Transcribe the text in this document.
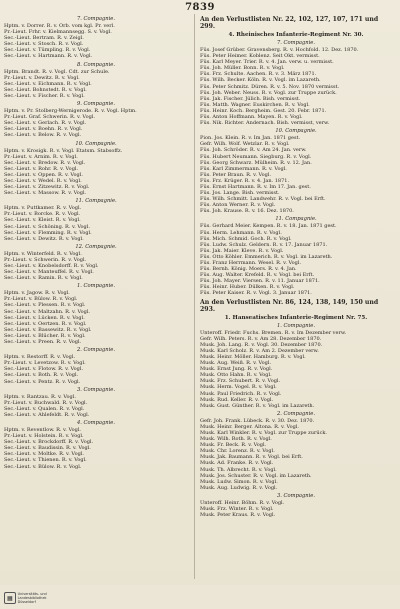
7839
7. Compagnie.
Hptm. v. Dorrer. R. v. Orb. vom kgl. Pr. verl.
Pr.-Lieut. Frhr. v. Kielmannsegg. S. v. Vogl.
Sec.-Lieut. Bertram. R. v. Zeigl.
Sec.-Lieut. v. Stosch. R. v. Vogl.
Sec.-Lieut. v. Tümpling. R. v. Vogl.
Sec.-Lieut. v. Hartmann. R. v. Vogl.
8. Compagnie.
Hptm. Brandt. R. v. Vogl. Cdt. zur Schule.
Pr.-Lieut. v. Dewitz. R. v. Vogl.
Sec.-Lieut. v. Eichmann. R. v. Vogl.
Sec.-Lieut. Bohnstedt. R. v. Vogl.
Sec.-Lieut. v. Fischer. R. v. Vogl.
9. Compagnie.
Hptm. v. Pr. Stolberg-Wernigerode. R. v. Vogl. Hptm.
Pr.-Lieut. Graf. Schwerin. R. v. Vogl.
Sec.-Lieut. v. Gerlach. R. v. Vogl.
Sec.-Lieut. v. Boehn. R. v. Vogl.
Sec.-Lieut. v. Below. R. v. Vogl.
10. Compagnie.
Hptm. v. Krosigk. R. v. Vogl. Etatsm. Stabsoffz.
Pr.-Lieut. v. Arnim. R. v. Vogl.
Sec.-Lieut. v. Bredow. R. v. Vogl.
Sec.-Lieut. v. Rohr. R. v. Vogl.
Sec.-Lieut. v. Oppen. R. v. Vogl.
Sec.-Lieut. v. Wedel. R. v. Vogl.
Sec.-Lieut. v. Zitzewitz. R. v. Vogl.
Sec.-Lieut. v. Massow. R. v. Vogl.
11. Compagnie.
Hptm. v. Puttkamer. R. v. Vogl.
Pr.-Lieut. v. Borcke. R. v. Vogl.
Sec.-Lieut. v. Kleist. R. v. Vogl.
Sec.-Lieut. v. Schöning. R. v. Vogl.
Sec.-Lieut. v. Flemming. R. v. Vogl.
Sec.-Lieut. v. Dewitz. R. v. Vogl.
12. Compagnie.
Hptm. v. Winterfeld. R. v. Vogl.
Pr.-Lieut. v. Schwerin. R. v. Vogl.
Sec.-Lieut. v. Knobelsdorff. R. v. Vogl.
Sec.-Lieut. v. Manteuffel. R. v. Vogl.
Sec.-Lieut. v. Ramin. R. v. Vogl.
1. Compagnie.
Hptm. v. Jagow. R. v. Vogl.
Pr.-Lieut. v. Bülow. R. v. Vogl.
Sec.-Lieut. v. Plessen. R. v. Vogl.
Sec.-Lieut. v. Maltzahn. R. v. Vogl.
Sec.-Lieut. v. Lücken. R. v. Vogl.
Sec.-Lieut. v. Oertzen. R. v. Vogl.
Sec.-Lieut. v. Bassewitz. R. v. Vogl.
Sec.-Lieut. v. Blücher. R. v. Vogl.
Sec.-Lieut. v. Preen. R. v. Vogl.
2. Compagnie.
Hptm. v. Restorff. R. v. Vogl.
Pr.-Lieut. v. Levetzow. R. v. Vogl.
Sec.-Lieut. v. Flotow. R. v. Vogl.
Sec.-Lieut. v. Both. R. v. Vogl.
Sec.-Lieut. v. Pentz. R. v. Vogl.
3. Compagnie.
Hptm. v. Rantzau. R. v. Vogl.
Pr.-Lieut. v. Buchwald. R. v. Vogl.
Sec.-Lieut. v. Qualen. R. v. Vogl.
Sec.-Lieut. v. Ahlefeldt. R. v. Vogl.
4. Compagnie.
Hptm. v. Reventlow. R. v. Vogl.
Pr.-Lieut. v. Holstein. R. v. Vogl.
Sec.-Lieut. v. Brockdorff. R. v. Vogl.
Sec.-Lieut. v. Baudissin. R. v. Vogl.
Sec.-Lieut. v. Moltke. R. v. Vogl.
Sec.-Lieut. v. Thienen. R. v. Vogl.
Sec.-Lieut. v. Bülow. R. v. Vogl.
An den Verlustlisten Nr. 22, 102, 127, 107, 171 und 299.
4. Rheinisches Infanterie-Regiment Nr. 30.
7. Compagnie.
Füs. Josef Grüber. Gravensberg. R. v. Hochfold. 12. Dez. 1870.
Füs. Peter Heimer. Koblenz. Seit Okt. vermisst.
Füs. Karl Meyer. Trier. R. v. 4. Jan. verw. u. vermisst.
Füs. Joh. Müller. Bonn. R. v. Vogl.
Füs. Frz. Schulte. Aachen. R. v. 3. März 1871.
Füs. Wilh. Becker. Köln. R. v. Vogl. im Lazareth.
Füs. Peter Schmitz. Düren. R. v. 5. Nov. 1870 vermisst.
Füs. Joh. Weber. Neuss. R. v. Vogl. zur Truppe zurück.
Füs. Jak. Fischer. Jülich. Bish. vermisst.
Füs. Matth. Wagner. Euskirchen. R. v. Vogl.
Füs. Heinr. Koch. Bergheim. Gest. 20. Febr. 1871.
Füs. Anton Hoffmann. Mayen. R. v. Vogl.
Füs. Nik. Richter. Andernach. Bish. vermisst, verw.
10. Compagnie.
Pion. Jos. Klein. R. v. Im Jan. 1871 gest.
Gefr. Wilh. Wolf. Wetzlar. R. v. Vogl.
Füs. Joh. Schröder. R. v. Am 24. Jan. verw.
Füs. Hubert Neumann. Siegburg. R. v. Vogl.
Füs. Georg Schwarz. Mülheim. R. v. 12. Jan.
Füs. Karl Zimmermann. R. v. Vogl.
Füs. Peter Braun. R. v. Vogl.
Füs. Frz. Krüger. R. v. 4. Jan. 1871.
Füs. Ernst Hartmann. R. v. Im 17. Jan. gest.
Füs. Jos. Lange. Bish. vermisst.
Füs. Wilh. Schmitt. Landwehr. R. v. Vogl. bei Erft.
Füs. Anton Werner. R. v. Vogl.
Füs. Joh. Krause. R. v. 16. Dez. 1870.
11. Compagnie.
Füs. Gerhard Meier. Kempen. R. v. 18. Jan. 1871 gest.
Füs. Herm. Lehmann. R. v. Vogl.
Füs. Mich. Schmid. Goch. R. v. Vogl.
Füs. Ludw. Schulz. Geldern. R. v. 17. Januar 1871.
Füs. Jak. Maier. Kleve. R. v. Vogl.
Füs. Otto Köhler. Emmerich. R. v. Vogl. im Lazareth.
Füs. Franz Herrmann. Wesel. R. v. Vogl.
Füs. Bernh. König. Moers. R. v. 4. Jan.
Füs. Aug. Walter. Krefeld. R. v. Vogl. bei Erft.
Füs. Joh. Mayer. Viersen. R. v. 11. Januar 1871.
Füs. Heinr. Huber. Dülken. R. v. Vogl.
Füs. Peter Kaiser. R. v. Vogl. 3. Januar 1871.
An den Verlustlisten Nr. 86, 124, 138, 149, 150 und 293.
1. Hanseatisches Infanterie-Regiment Nr. 75.
1. Compagnie.
Unteroff. Friedr. Fuchs. Bremen. R. v. Im Dezember verw.
Gefr. Wilh. Peters. R. v. Am 28. Dezember 1870.
Musk. Joh. Lang. R. v. Vogl. 30. Dezember 1870.
Musk. Karl Scholz. R. v. Am 2. Dezember verw.
Musk. Heinr. Möller. Hamburg. R. v. Vogl.
Musk. Aug. Weiß. R. v. Vogl.
Musk. Ernst Jung. R. v. Vogl.
Musk. Otto Hahn. R. v. Vogl.
Musk. Frz. Schubert. R. v. Vogl.
Musk. Herm. Vogel. R. v. Vogl.
Musk. Paul Friedrich. R. v. Vogl.
Musk. Rud. Keller. R. v. Vogl.
Musk. Gust. Günther. R. v. Vogl. im Lazareth.
2. Compagnie.
Gefr. Joh. Frank. Lübeck. R. v. 30. Dez. 1870.
Musk. Heinr. Berger. Altona. R. v. Vogl.
Musk. Karl Winkler. R. v. Vogl. zur Truppe zurück.
Musk. Wilh. Roth. R. v. Vogl.
Musk. Fr. Beck. R. v. Vogl.
Musk. Chr. Lorenz. R. v. Vogl.
Musk. Jak. Baumann. R. v. Vogl. bei Erft.
Musk. Ad. Franke. R. v. Vogl.
Musk. Th. Albrecht. R. v. Vogl.
Musk. Jos. Schuster. R. v. Vogl. im Lazareth.
Musk. Ludw. Simon. R. v. Vogl.
Musk. Aug. Ludwig. R. v. Vogl.
3. Compagnie.
Unteroff. Heinr. Böhm. R. v. Vogl.
Musk. Frz. Winter. R. v. Vogl.
Musk. Peter Kraus. R. v. Vogl.
▦
Universitäts- und
Landesbibliothek Düsseldorf
